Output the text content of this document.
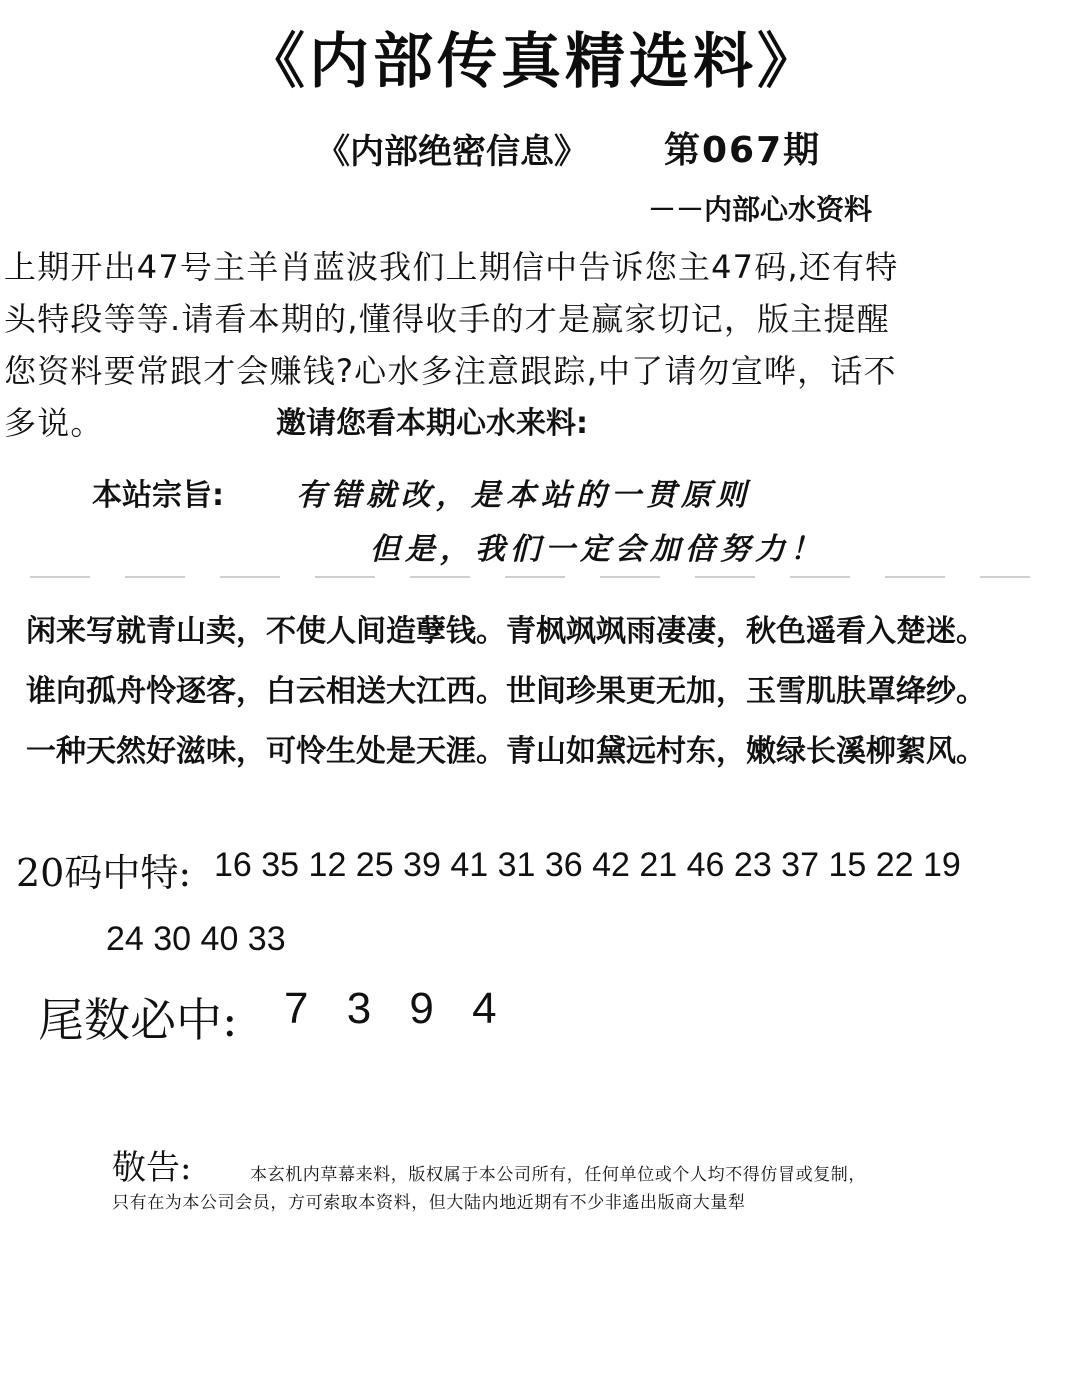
《内部传真精选料》
《内部绝密信息》 第067期
－－内部心水资料
上期开出47号主羊肖蓝波我们上期信中告诉您主47码,还有特
头特段等等.请看本期的,懂得收手的才是赢家切记，版主提醒
您资料要常跟才会赚钱?心水多注意跟踪,中了请勿宣哗，话不
多说。	邀请您看本期心水来料:
本站宗旨: 有错就改，是本站的一贯原则
但是，我们一定会加倍努力！
闲来写就青山卖，不使人间造孽钱。青枫飒飒雨凄凄，秋色遥看入楚迷。
谁向孤舟怜逐客，白云相送大江西。世间珍果更无加，玉雪肌肤罩绛纱。
一种天然好滋味，可怜生处是天涯。青山如黛远村东，嫩绿长溪柳絮风。
20码中特: 16 35 12 25 39 41 31 36 42 21 46 23 37 15 22 19
24 30 40 33
尾数必中: 7 3 9 4
敬告:	本玄机内草幕来料，版权属于本公司所有，任何单位或个人均不得仿冒或复制，
只有在为本公司会员，方可索取本资料，但大陆内地近期有不少非遙出版商大量犁
